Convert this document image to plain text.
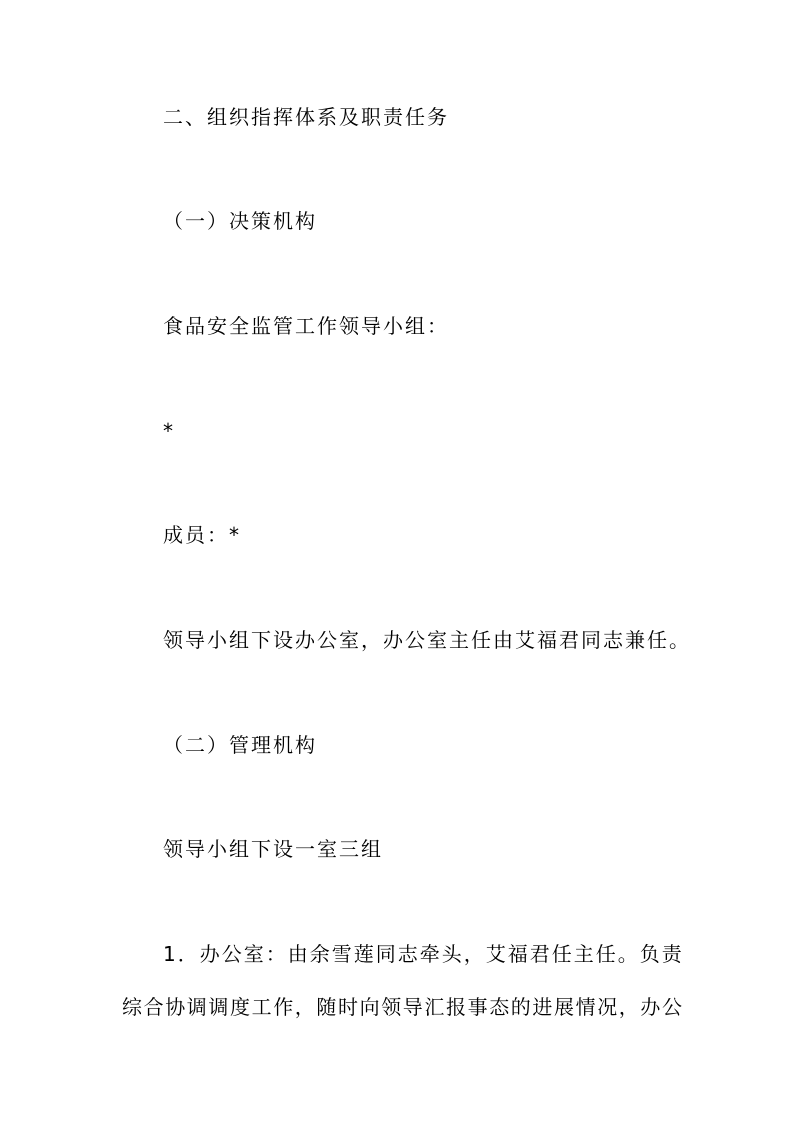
二、组织指挥体系及职责任务
（一）决策机构
食品安全监管工作领导小组：
*
成员：*
领导小组下设办公室，办公室主任由艾福君同志兼任。
（二）管理机构
领导小组下设一室三组
1．办公室：由余雪莲同志牵头，艾福君任主任。负责
综合协调调度工作，随时向领导汇报事态的进展情况，办公
